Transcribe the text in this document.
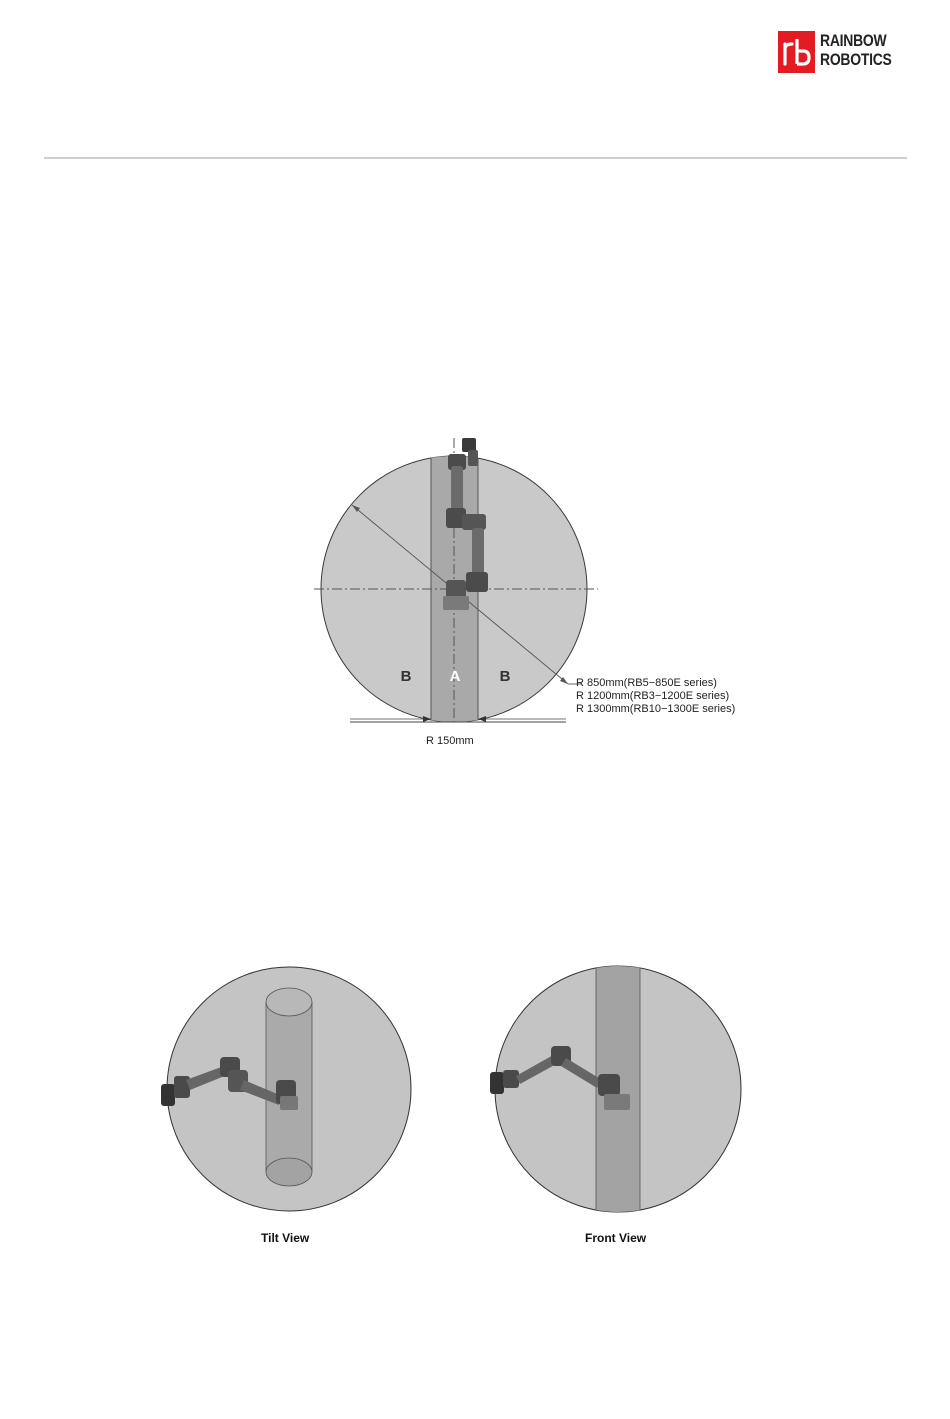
RAINBOW
ROBOTICS
B	A	B	R 850mm(RB5−850E series)
R 1200mm(RB3−1200E series)
R 1300mm(RB10−1300E series)
R 150mm
Tilt View	Front View
